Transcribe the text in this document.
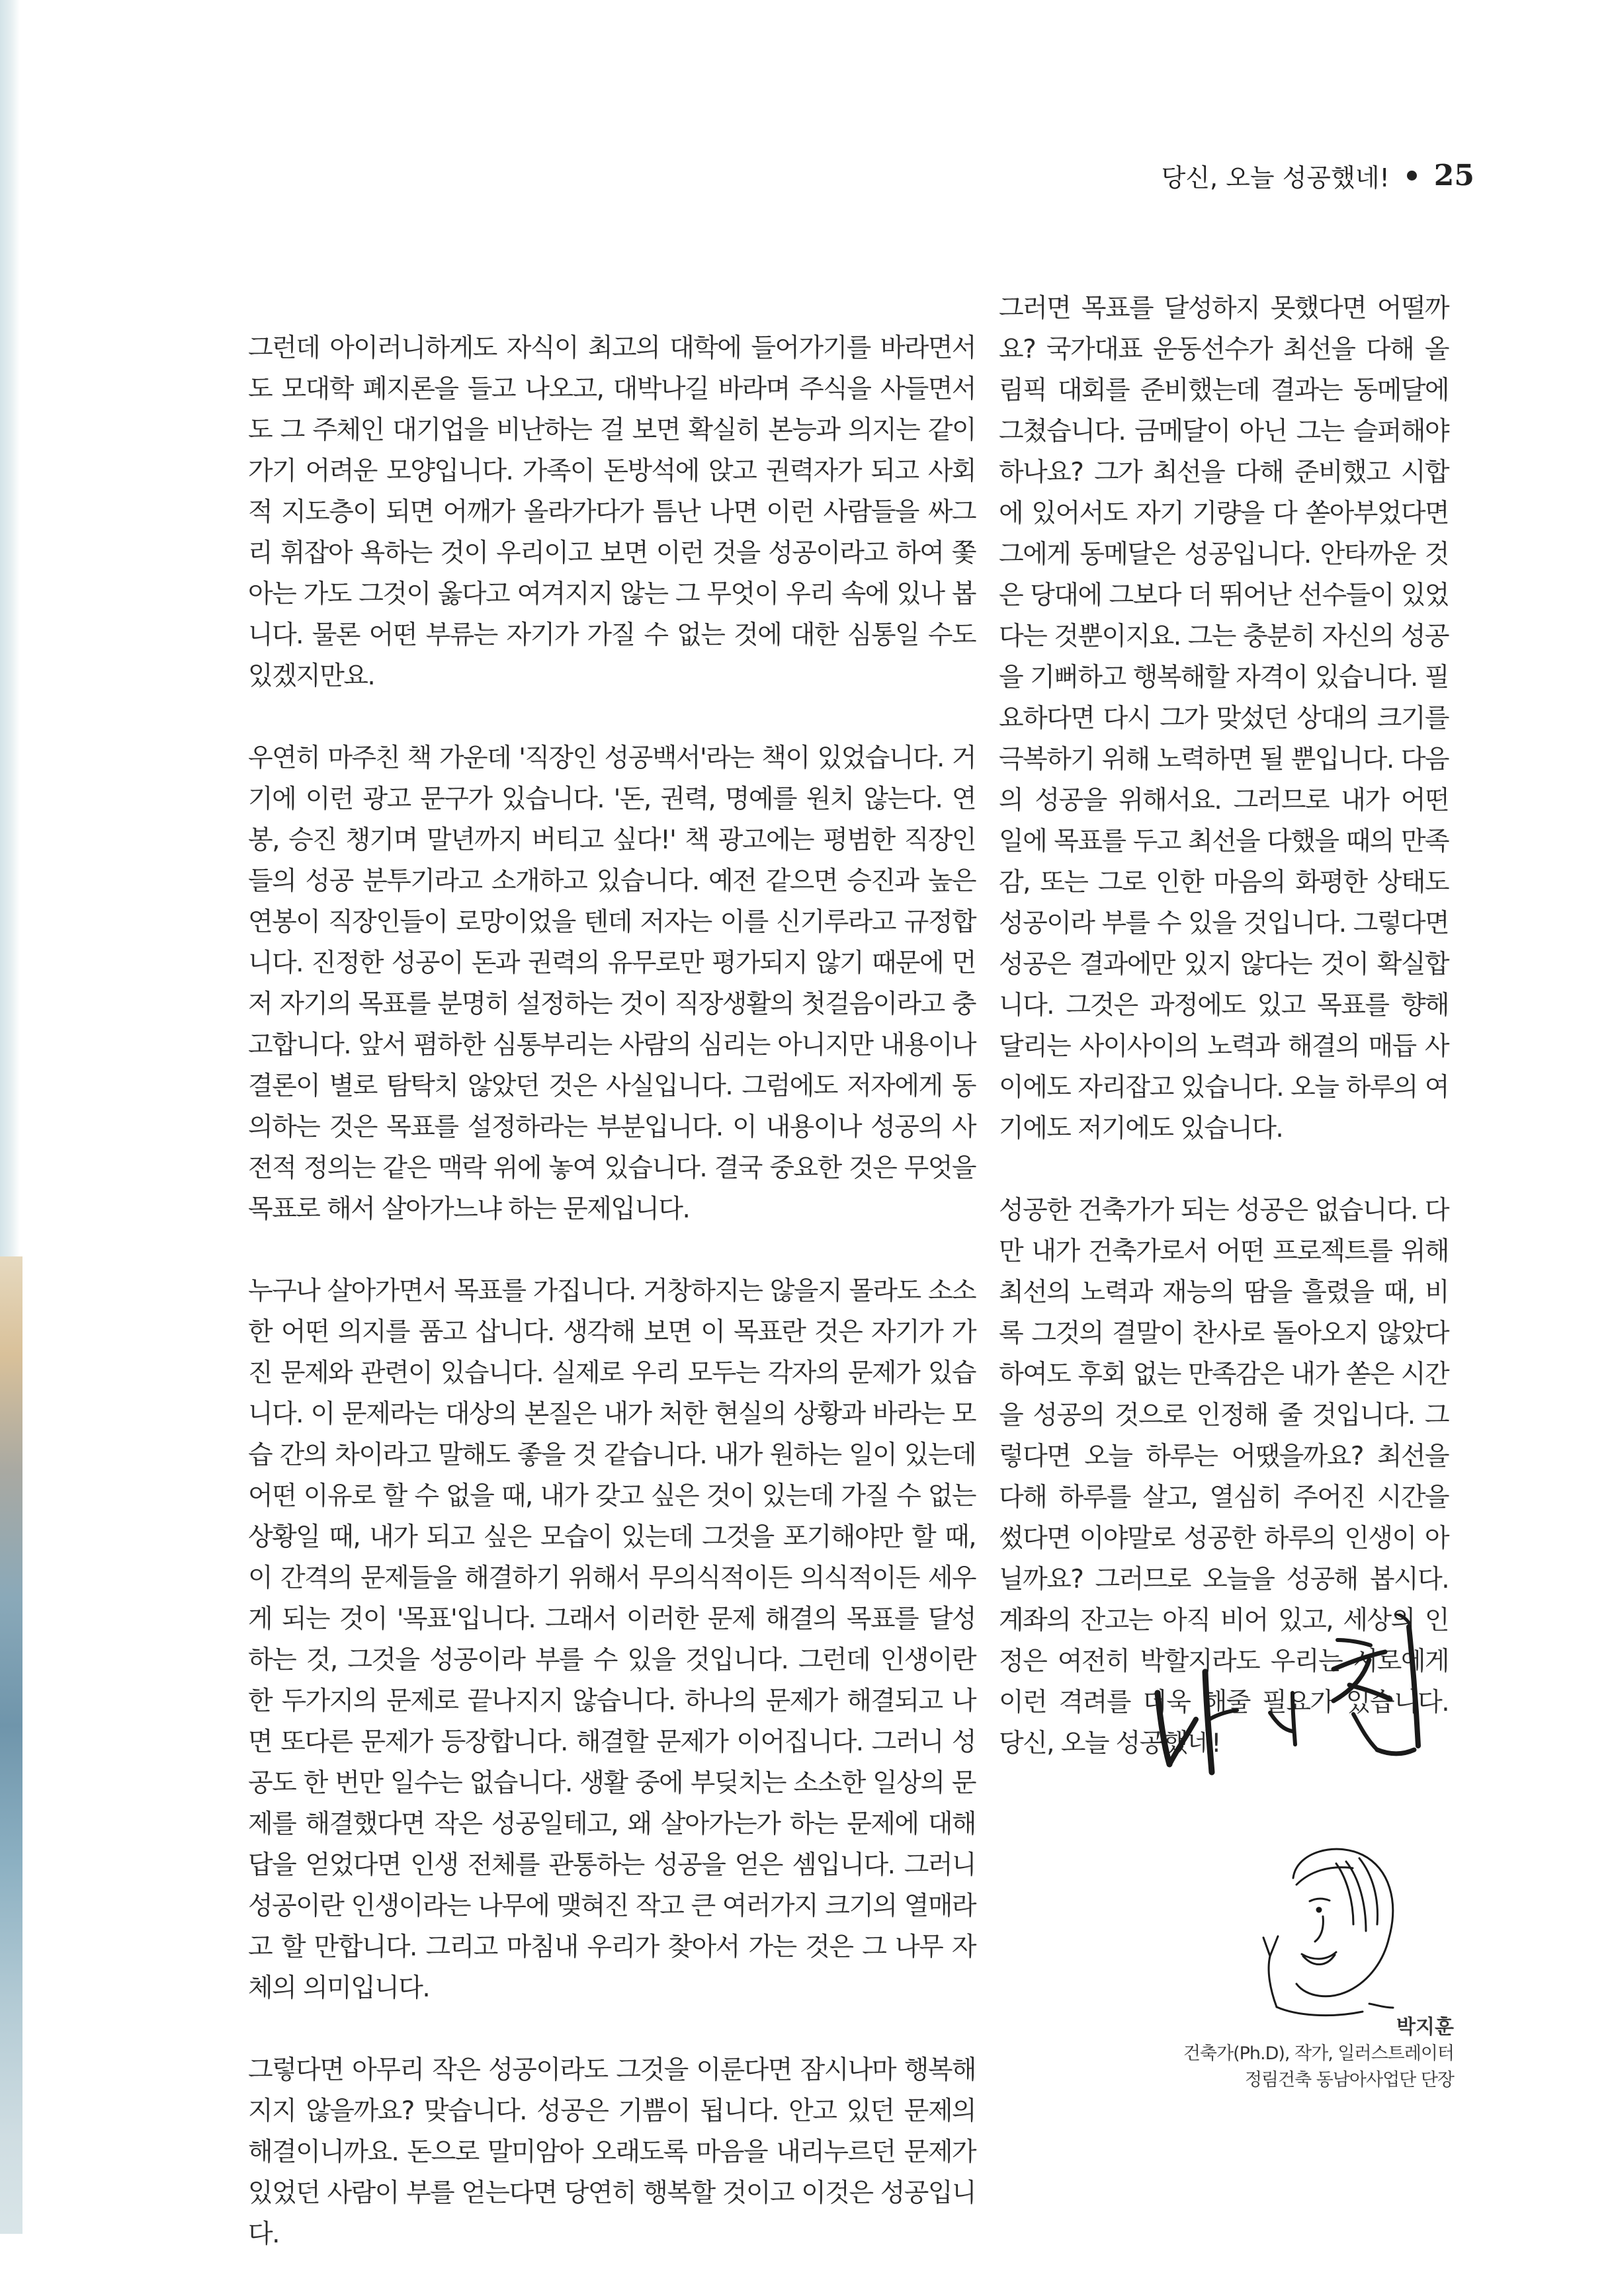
당신, 오늘 성공했네! 25

그런데 아이러니하게도 자식이 최고의 대학에 들어가기를 바라면서도 모대학 폐지론을 들고 나오고, 대박나길 바라며 주식을 사들면서도 그 주체인 대기업을 비난하는 걸 보면 확실히 본능과 의지는 같이 가기 어려운 모양입니다. 가족이 돈방석에 앉고 권력자가 되고 사회적 지도층이 되면 어깨가 올라가다가 틈난 나면 이런 사람들을 싸그리 휘잡아 욕하는 것이 우리이고 보면 이런 것을 성공이라고 하여 쫓아는 가도 그것이 옳다고 여겨지지 않는 그 무엇이 우리 속에 있나 봅니다. 물론 어떤 부류는 자기가 가질 수 없는 것에 대한 심통일 수도 있겠지만요.

우연히 마주친 책 가운데 '직장인 성공백서'라는 책이 있었습니다. 거기에 이런 광고 문구가 있습니다. '돈, 권력, 명예를 원치 않는다. 연봉, 승진 챙기며 말년까지 버티고 싶다!' 책 광고에는 평범한 직장인들의 성공 분투기라고 소개하고 있습니다. 예전 같으면 승진과 높은 연봉이 직장인들이 로망이었을 텐데 저자는 이를 신기루라고 규정합니다. 진정한 성공이 돈과 권력의 유무로만 평가되지 않기 때문에 먼저 자기의 목표를 분명히 설정하는 것이 직장생활의 첫걸음이라고 충고합니다. 앞서 폄하한 심통부리는 사람의 심리는 아니지만 내용이나 결론이 별로 탐탁치 않았던 것은 사실입니다. 그럼에도 저자에게 동의하는 것은 목표를 설정하라는 부분입니다. 이 내용이나 성공의 사전적 정의는 같은 맥락 위에 놓여 있습니다. 결국 중요한 것은 무엇을 목표로 해서 살아가느냐 하는 문제입니다.

누구나 살아가면서 목표를 가집니다. 거창하지는 않을지 몰라도 소소한 어떤 의지를 품고 삽니다. 생각해 보면 이 목표란 것은 자기가 가진 문제와 관련이 있습니다. 실제로 우리 모두는 각자의 문제가 있습니다. 이 문제라는 대상의 본질은 내가 처한 현실의 상황과 바라는 모습 간의 차이라고 말해도 좋을 것 같습니다. 내가 원하는 일이 있는데 어떤 이유로 할 수 없을 때, 내가 갖고 싶은 것이 있는데 가질 수 없는 상황일 때, 내가 되고 싶은 모습이 있는데 그것을 포기해야만 할 때, 이 간격의 문제들을 해결하기 위해서 무의식적이든 의식적이든 세우게 되는 것이 '목표'입니다. 그래서 이러한 문제 해결의 목표를 달성하는 것, 그것을 성공이라 부를 수 있을 것입니다. 그런데 인생이란 한 두가지의 문제로 끝나지지 않습니다. 하나의 문제가 해결되고 나면 또다른 문제가 등장합니다. 해결할 문제가 이어집니다. 그러니 성공도 한 번만 일수는 없습니다. 생활 중에 부딪치는 소소한 일상의 문제를 해결했다면 작은 성공일테고, 왜 살아가는가 하는 문제에 대해 답을 얻었다면 인생 전체를 관통하는 성공을 얻은 셈입니다. 그러니 성공이란 인생이라는 나무에 맺혀진 작고 큰 여러가지 크기의 열매라고 할 만합니다. 그리고 마침내 우리가 찾아서 가는 것은 그 나무 자체의 의미입니다.

그렇다면 아무리 작은 성공이라도 그것을 이룬다면 잠시나마 행복해지지 않을까요? 맞습니다. 성공은 기쁨이 됩니다. 안고 있던 문제의 해결이니까요. 돈으로 말미암아 오래도록 마음을 내리누르던 문제가 있었던 사람이 부를 얻는다면 당연히 행복할 것이고 이것은 성공입니다.

그러면 목표를 달성하지 못했다면 어떨까요? 국가대표 운동선수가 최선을 다해 올림픽 대회를 준비했는데 결과는 동메달에 그쳤습니다. 금메달이 아닌 그는 슬퍼해야 하나요? 그가 최선을 다해 준비했고 시합에 있어서도 자기 기량을 다 쏟아부었다면 그에게 동메달은 성공입니다. 안타까운 것은 당대에 그보다 더 뛰어난 선수들이 있었다는 것뿐이지요. 그는 충분히 자신의 성공을 기뻐하고 행복해할 자격이 있습니다. 필요하다면 다시 그가 맞섰던 상대의 크기를 극복하기 위해 노력하면 될 뿐입니다. 다음의 성공을 위해서요. 그러므로 내가 어떤 일에 목표를 두고 최선을 다했을 때의 만족감, 또는 그로 인한 마음의 화평한 상태도 성공이라 부를 수 있을 것입니다. 그렇다면 성공은 결과에만 있지 않다는 것이 확실합니다. 그것은 과정에도 있고 목표를 향해 달리는 사이사이의 노력과 해결의 매듭 사이에도 자리잡고 있습니다. 오늘 하루의 여기에도 저기에도 있습니다.

성공한 건축가가 되는 성공은 없습니다. 다만 내가 건축가로서 어떤 프로젝트를 위해 최선의 노력과 재능의 땀을 흘렸을 때, 비록 그것의 결말이 찬사로 돌아오지 않았다 하여도 후회 없는 만족감은 내가 쏟은 시간을 성공의 것으로 인정해 줄 것입니다. 그렇다면 오늘 하루는 어땠을까요? 최선을 다해 하루를 살고, 열심히 주어진 시간을 썼다면 이야말로 성공한 하루의 인생이 아닐까요? 그러므로 오늘을 성공해 봅시다. 계좌의 잔고는 아직 비어 있고, 세상의 인정은 여전히 박할지라도 우리는 서로에게 이런 격려를 더욱 해줄 필요가 있습니다. 당신, 오늘 성공했네!

박지훈
건축가(Ph.D), 작가, 일러스트레이터
정림건축 동남아사업단 단장
